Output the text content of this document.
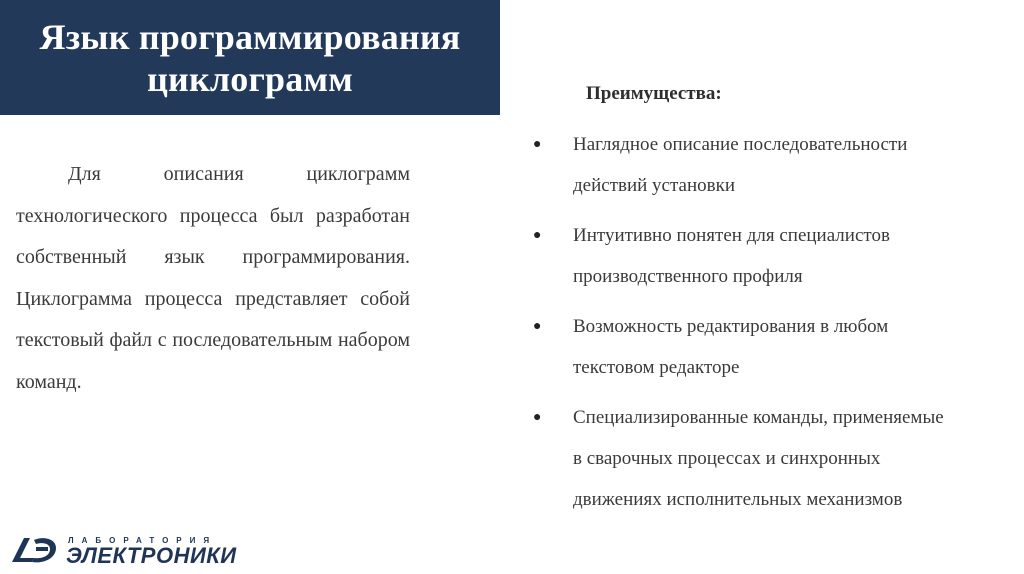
Язык программирования
циклограмм

Для описания циклограмм технологического процесса был разработан собственный язык программирования. Циклограмма процесса представляет собой текстовый файл с последовательным набором команд.

Преимущества:
● Наглядное описание последовательности
действий установки
● Интуитивно понятен для специалистов
производственного профиля
● Возможность редактирования в любом
текстовом редакторе
● Специализированные команды, применяемые
в сварочных процессах и синхронных
движениях исполнительных механизмов
ЛАБОРАТОРИЯ
ЭЛЕКТРОНИКИ
